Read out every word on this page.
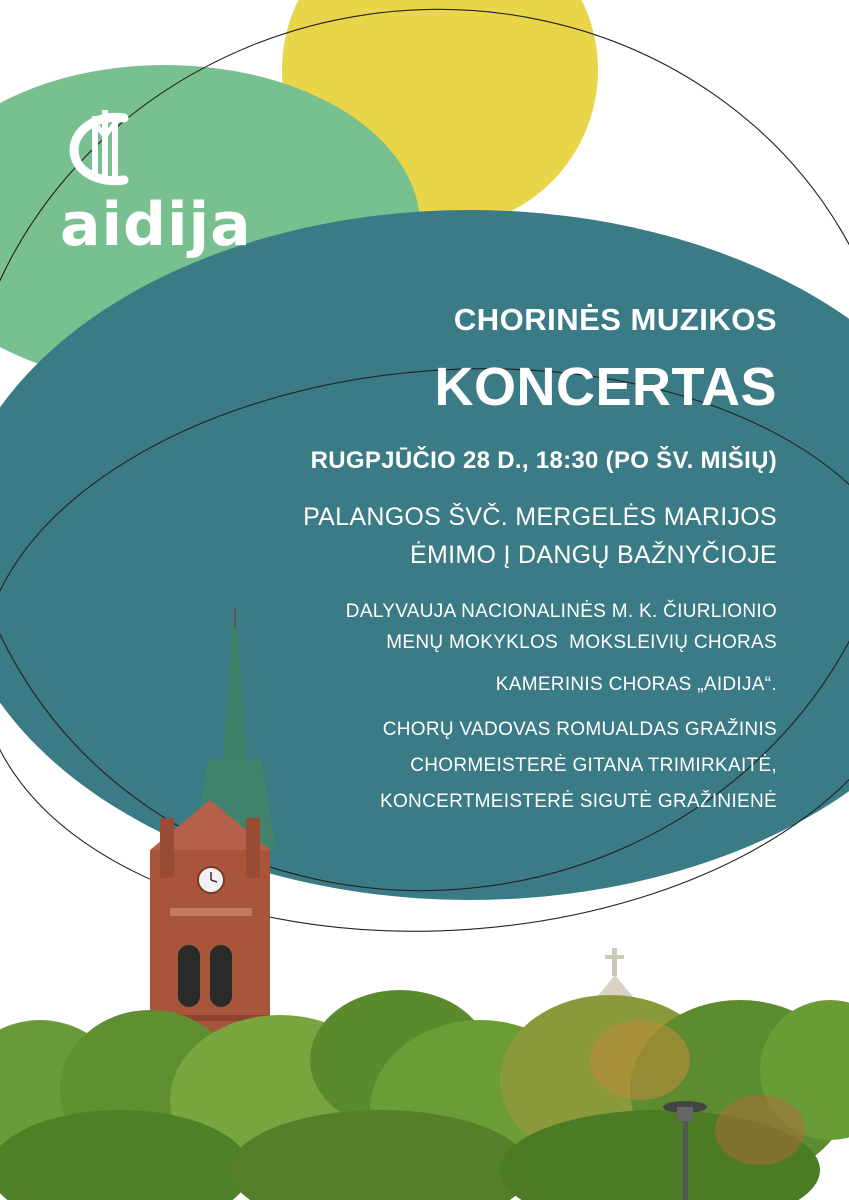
aidija
CHORINĖS MUZIKOS
KONCERTAS
RUGPJŪČIO 28 D., 18:30 (PO ŠV. MIŠIŲ)
PALANGOS ŠVČ. MERGELĖS MARIJOS
ĖMIMO Į DANGŲ BAŽNYČIOJE
DALYVAUJA NACIONALINĖS M. K. ČIURLIONIO
MENŲ MOKYKLOS  MOKSLEIVIŲ CHORAS
KAMERINIS CHORAS „AIDIJA“.
CHORŲ VADOVAS ROMUALDAS GRAŽINIS
CHORMEISTERĖ GITANA TRIMIRKAITĖ,
KONCERTMEISTERĖ SIGUTĖ GRAŽINIENĖ
